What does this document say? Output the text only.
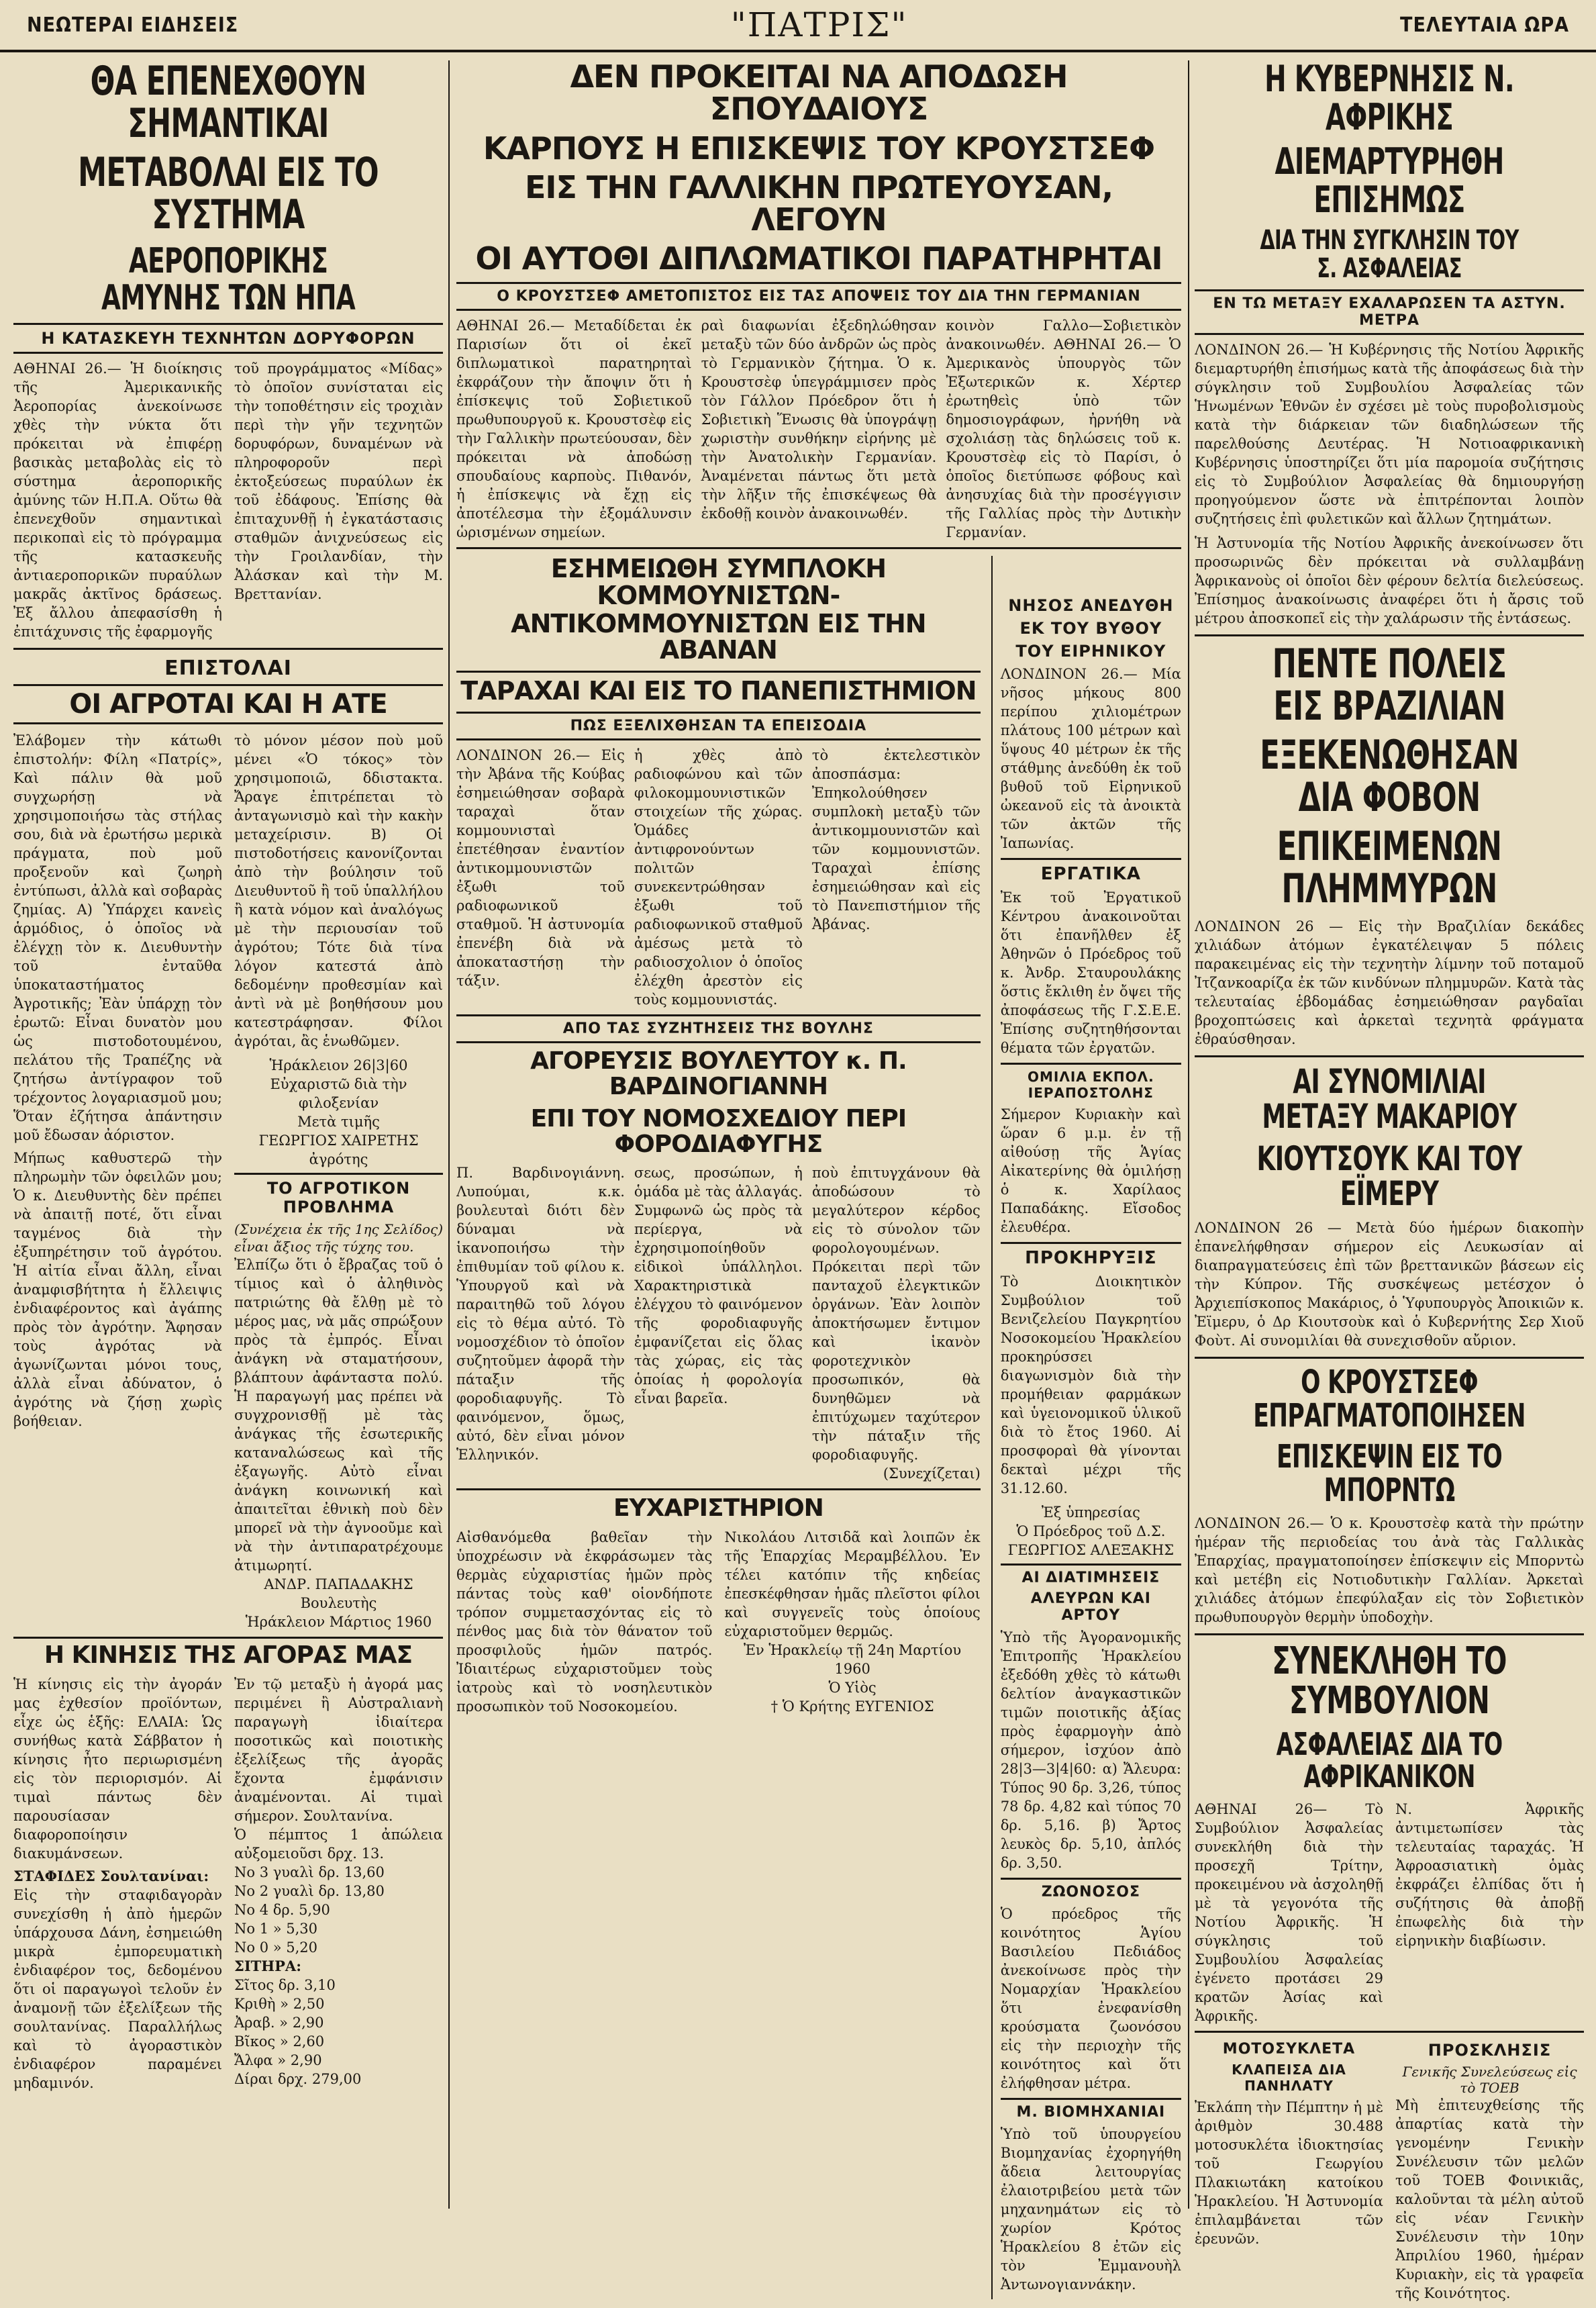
ΝΕΩΤΕΡΑΙ ΕΙΔΗΣΕΙΣ	"ΠΑΤΡΙΣ"	ΤΕΛΕΥΤΑΙΑ ΩΡΑ
ΘΑ ΕΠΕΝΕΧΘΟΥΝ ΣΗΜΑΝΤΙΚΑΙ
ΜΕΤΑΒΟΛΑΙ ΕΙΣ ΤΟ ΣΥΣΤΗΜΑ
ΑΕΡΟΠΟΡΙΚΗΣ ΑΜΥΝΗΣ ΤΩΝ ΗΠΑ
Η ΚΑΤΑΣΚΕΥΗ ΤΕΧΝΗΤΩΝ ΔΟΡΥΦΟΡΩΝ
ΑΘΗΝΑΙ 26.— Ἡ διοίκησις τῆς Ἀμερικανικῆς Ἀεροπορίας ἀνεκοίνωσε χθὲς τὴν νύκτα ὅτι πρόκειται νὰ ἐπιφέρῃ βασικὰς μεταβολὰς εἰς τὸ σύστημα ἀεροπορικῆς ἀμύνης τῶν Η.Π.Α. Οὕτω θὰ ἐπενεχθοῦν σημαντικαὶ περικοπαὶ εἰς τὸ πρόγραμμα τῆς κατασκευῆς ἀντιαεροπορικῶν πυραύλων μακρᾶς ἀκτῖνος δράσεως. Ἐξ ἄλλου ἀπεφασίσθη ἡ ἐπιτάχυνσις τῆς ἐφαρμογῆς
τοῦ προγράμματος «Μίδας» τὸ ὁποῖον συνίσταται εἰς τὴν τοποθέτησιν εἰς τροχιὰν περὶ τὴν γῆν τεχνητῶν δορυφόρων, δυναμένων νὰ πληροφοροῦν περὶ ἐκτοξεύσεως πυραύλων ἐκ τοῦ ἐδάφους. Ἐπίσης θὰ ἐπιταχυνθῇ ἡ ἐγκατάστασις σταθμῶν ἀνιχνεύσεως εἰς τὴν Γροιλανδίαν, τὴν Ἀλάσκαν καὶ τὴν Μ. Βρεττανίαν.
ΕΠΙΣΤΟΛΑΙ
ΟΙ ΑΓΡΟΤΑΙ ΚΑΙ Η ΑΤΕ
Ἐλάβομεν τὴν κάτωθι ἐπιστολήν: Φίλη «Πατρίς», Καὶ πάλιν θὰ μοῦ συγχωρήσῃ νὰ χρησιμοποιήσω τὰς στήλας σου, διὰ νὰ ἐρωτήσω μερικὰ πράγματα, ποὺ μοῦ προξενοῦν καὶ ζωηρὴ ἐντύπωσι, ἀλλὰ καὶ σοβαρὰς ζημίας. Α) Ὑπάρχει κανεὶς ἁρμόδιος, ὁ ὁποῖος νὰ ἐλέγχῃ τὸν κ. Διευθυντὴν τοῦ ἐνταῦθα ὑποκαταστήματος Ἀγροτικῆς; Ἐὰν ὑπάρχῃ τὸν ἐρωτῶ: Εἶναι δυνατὸν μου ὡς πιστοδοτουμένου, πελάτου τῆς Τραπέζης νὰ ζητήσω ἀντίγραφον τοῦ τρέχοντος λογαριασμοῦ μου; Ὅταν ἐζήτησα ἀπάντησιν μοῦ ἔδωσαν ἀόριστον.
Μήπως καθυστερῶ τὴν πληρωμὴν τῶν ὀφειλῶν μου; Ὁ κ. Διευθυντὴς δὲν πρέπει νὰ ἀπαιτῇ ποτέ, ὅτι εἶναι ταγμένος διὰ τὴν ἐξυπηρέτησιν τοῦ ἀγρότου. Ἡ αἰτία εἶναι ἄλλη, εἶναι ἀναμφισβήτητα ἡ ἔλλειψις ἐνδιαφέροντος καὶ ἀγάπης πρὸς τὸν ἀγρότην. Ἄφησαν τοὺς ἀγρότας νὰ ἀγωνίζωνται μόνοι τους, ἀλλὰ εἶναι ἀδύνατον, ὁ ἀγρότης νὰ ζήσῃ χωρὶς βοήθειαν.
τὸ μόνον μέσον ποὺ μοῦ μένει «Ὁ τόκος» τὸν χρησιμοποιῶ, δδιστακτα. Ἄραγε ἐπιτρέπεται τὸ ἀνταγωνισμὸ καὶ τὴν κακὴν μεταχείρισιν. Β) Οἱ πιστοδοτήσεις κανονίζονται ἀπὸ τὴν βούλησιν τοῦ Διευθυντοῦ ἢ τοῦ ὑπαλλήλου ἢ κατὰ νόμον καὶ ἀναλόγως μὲ τὴν περιουσίαν τοῦ ἀγρότου; Τότε διὰ τίνα λόγον κατεστά ἀπὸ δεδομένην προθεσμίαν καὶ ἀντὶ νὰ μὲ βοηθήσουν μου κατεστράφησαν. Φίλοι ἀγρόται, ἂς ἑνωθῶμεν.
Ἡράκλειον 26|3|60
Εὐχαριστῶ διὰ τὴν φιλοξενίαν
Μετὰ τιμῆς
ΓΕΩΡΓΙΟΣ ΧΑΙΡΕΤΗΣ
ἀγρότης
ΤΟ ΑΓΡΟΤΙΚΟΝ ΠΡΟΒΛΗΜΑ
(Συνέχεια ἐκ τῆς 1ης Σελίδος) εἶναι ἄξιος τῆς τύχης του.
Ἐλπίζω ὅτι ὁ ἔβραζας τοῦ ὁ τίμιος καὶ ὁ ἀληθινὸς πατριώτης θὰ ἔλθῃ μὲ τὸ μέρος μας, νὰ μᾶς σπρώξουν πρὸς τὰ ἐμπρός. Εἶναι ἀνάγκη νὰ σταματήσουν, βλάπτουν ἀφάνταστα πολύ. Ἡ παραγωγή μας πρέπει νὰ συγχρονισθῇ μὲ τὰς ἀνάγκας τῆς ἐσωτερικῆς καταναλώσεως καὶ τῆς ἐξαγωγῆς. Αὐτὸ εἶναι ἀνάγκη κοινωνική καὶ ἀπαιτεῖται ἐθνικὴ ποὺ δὲν μπορεῖ νὰ τὴν ἀγνοοῦμε καὶ νὰ τὴν ἀντιπαρατρέχουμε ἀτιμωρητί.
ΑΝΔΡ. ΠΑΠΑΔΑΚΗΣ
Βουλευτὴς
Ἡράκλειον Μάρτιος 1960
Η ΚΙΝΗΣΙΣ ΤΗΣ ΑΓΟΡΑΣ ΜΑΣ
Ἡ κίνησις εἰς τὴν ἀγοράν μας ἐχθεσίον προϊόντων, εἶχε ὡς ἑξῆς: ΕΛΑΙΑ: Ὡς συνήθως κατὰ Σάββατον ἡ κίνησις ἦτο περιωρισμένη εἰς τὸν περιορισμόν. Αἱ τιμαὶ πάντως δὲν παρουσίασαν διαφοροποίησιν διακυμάνσεων.
ΣΤΑΦΙΔΕΣ Σουλτανίναι:
Εἰς τὴν σταφιδαγορὰν συνεχίσθη ἡ ἀπὸ ἡμερῶν ὑπάρχουσα Δάνη, ἐσημειώθη μικρὰ ἐμπορευματικὴ ἐνδιαφέρον τος, δεδομένου ὅτι οἱ παραγωγοὶ τελοῦν ἐν ἀναμονῇ τῶν ἐξελίξεων τῆς σουλτανίνας. Παραλλήλως καὶ τὸ ἀγοραστικὸν ἐνδιαφέρον παραμένει μηδαμινόν.
Ἐν τῷ μεταξὺ ἡ ἀγορά μας περιμένει ἢ Αὐστραλιανὴ παραγωγὴ ἰδιαίτερα ποσοτικῶς καὶ ποιοτικὴς ἐξελίξεως τῆς ἀγορᾶς ἔχοντα ἐμφάνισιν ἀναμένονται. Αἱ τιμαὶ σήμερον. Σουλτανίνα.
Ὁ πέμπτος 1 ἀπώλεια αὐξομειοῦσι δρχ. 13.
Νο 3 γυαλὶ δρ. 13,60
Νο 2 γυαλὶ δρ. 13,80
Νο 4 δρ. 5,90
Νο 1 » 5,30
Νο 0 » 5,20
ΣΙΤΗΡΑ:
Σῖτος δρ. 3,10
Κριθὴ » 2,50
Ἀραβ. » 2,90
Βῖκος » 2,60
Ἄλφα » 2,90
Δίραι δρχ. 279,00
ΔΕΝ ΠΡΟΚΕΙΤΑΙ ΝΑ ΑΠΟΔΩΣΗ ΣΠΟΥΔΑΙΟΥΣ
ΚΑΡΠΟΥΣ Η ΕΠΙΣΚΕΨΙΣ ΤΟΥ ΚΡΟΥΣΤΣΕΦ
ΕΙΣ ΤΗΝ ΓΑΛΛΙΚΗΝ ΠΡΩΤΕΥΟΥΣΑΝ, ΛΕΓΟΥΝ
ΟΙ ΑΥΤΟΘΙ ΔΙΠΛΩΜΑΤΙΚΟΙ ΠΑΡΑΤΗΡΗΤΑΙ
Ο ΚΡΟΥΣΤΣΕΦ ΑΜΕΤΟΠΙΣΤΟΣ ΕΙΣ ΤΑΣ ΑΠΟΨΕΙΣ ΤΟΥ ΔΙΑ ΤΗΝ ΓΕΡΜΑΝΙΑΝ
ΑΘΗΝΑΙ 26.— Μεταδίδεται ἐκ Παρισίων ὅτι οἱ ἐκεῖ διπλωματικοὶ παρατηρηταὶ ἐκφράζουν τὴν ἄποψιν ὅτι ἡ ἐπίσκεψις τοῦ Σοβιετικοῦ πρωθυπουργοῦ κ. Κρουστσὲφ εἰς τὴν Γαλλικὴν πρωτεύουσαν, δὲν πρόκειται νὰ ἀποδώσῃ σπουδαίους καρποὺς. Πιθανόν, ἡ ἐπίσκεψις νὰ ἔχῃ εἰς ἀποτέλεσμα τὴν ἐξομάλυνσιν ὡρισμένων σημείων.
ραὶ διαφωνίαι ἐξεδηλώθησαν μεταξὺ τῶν δύο ἀνδρῶν ὡς πρὸς τὸ Γερμανικὸν ζήτημα. Ὁ κ. Κρουστσὲφ ὑπεγράμμισεν πρὸς τὸν Γάλλον Πρόεδρον ὅτι ἡ Σοβιετικὴ Ἕνωσις θὰ ὑπογράψῃ χωριστὴν συνθήκην εἰρήνης μὲ τὴν Ἀνατολικὴν Γερμανίαν. Ἀναμένεται πάντως ὅτι μετὰ τὴν λῆξιν τῆς ἐπισκέψεως θὰ ἐκδοθῇ κοινὸν ἀνακοινωθέν.
κοινὸν Γαλλο—Σοβιετικὸν ἀνακοινωθέν. ΑΘΗΝΑΙ 26.— Ὁ Ἀμερικανὸς ὑπουργὸς τῶν Ἐξωτερικῶν κ. Χέρτερ ἐρωτηθεὶς ὑπὸ τῶν δημοσιογράφων, ἠρνήθη νὰ σχολιάσῃ τὰς δηλώσεις τοῦ κ. Κρουστσὲφ εἰς τὸ Παρίσι, ὁ ὁποῖος διετύπωσε φόβους καὶ ἀνησυχίας διὰ τὴν προσέγγισιν τῆς Γαλλίας πρὸς τὴν Δυτικὴν Γερμανίαν.
ΕΣΗΜΕΙΩΘΗ ΣΥΜΠΛΟΚΗ ΚΟΜΜΟΥΝΙΣΤΩΝ-
ΑΝΤΙΚΟΜΜΟΥΝΙΣΤΩΝ ΕΙΣ ΤΗΝ ΑΒΑΝΑΝ
ΤΑΡΑΧΑΙ ΚΑΙ ΕΙΣ ΤΟ ΠΑΝΕΠΙΣΤΗΜΙΟΝ
ΠΩΣ ΕΞΕΛΙΧΘΗΣΑΝ ΤΑ ΕΠΕΙΣΟΔΙΑ
ΛΟΝΔΙΝΟΝ 26.— Εἰς τὴν Ἀβάνα τῆς Κούβας ἐσημειώθησαν σοβαρὰ ταραχαὶ ὅταν κομμουνισταὶ ἐπετέθησαν ἐναντίον ἀντικομμουνιστῶν ἐξωθι τοῦ ραδιοφωνικοῦ σταθμοῦ. Ἡ ἀστυνομία ἐπενέβη διὰ νὰ ἀποκαταστήσῃ τὴν τάξιν.
ἡ χθὲς ἀπὸ ραδιοφώνου καὶ τῶν φιλοκομμουνιστικῶν στοιχείων τῆς χώρας. Ὁμάδες ἀντιφρονούντων πολιτῶν συνεκεντρώθησαν ἐξωθι τοῦ ραδιοφωνικοῦ σταθμοῦ ἀμέσως μετὰ τὸ ραδιοσχολιον ὁ ὁποῖος ἐλέχθη ἀρεστὸν εἰς τοὺς κομμουνιστάς.
τὸ ἐκτελεστικὸν ἀποσπάσμα: Ἐπηκολούθησεν συμπλοκὴ μεταξὺ τῶν ἀντικομμουνιστῶν καὶ τῶν κομμουνιστῶν. Ταραχαὶ ἐπίσης ἐσημειώθησαν καὶ εἰς τὸ Πανεπιστήμιον τῆς Ἀβάνας.
ΑΠΟ ΤΑΣ ΣΥΖΗΤΗΣΕΙΣ ΤΗΣ ΒΟΥΛΗΣ
ΑΓΟΡΕΥΣΙΣ ΒΟΥΛΕΥΤΟΥ κ. Π. ΒΑΡΔΙΝΟΓΙΑΝΝΗ
ΕΠΙ ΤΟΥ ΝΟΜΟΣΧΕΔΙΟΥ ΠΕΡΙ ΦΟΡΟΔΙΑΦΥΓΗΣ
Π. Βαρδινογιάννη. Λυπούμαι, κ.κ. βουλευταὶ διότι δὲν δύναμαι νὰ ἱκανοποιήσω τὴν ἐπιθυμίαν τοῦ φίλου κ. Ὑπουργοῦ καὶ νὰ παραιτηθῶ τοῦ λόγου εἰς τὸ θέμα αὐτό. Τὸ νομοσχέδιον τὸ ὁποῖον συζητοῦμεν ἀφορᾶ τὴν πάταξιν τῆς φοροδιαφυγῆς. Τὸ φαινόμενον, ὅμως, αὐτό, δὲν εἶναι μόνον Ἑλληνικόν.
σεως, προσώπων, ἡ ὁμάδα μὲ τὰς ἀλλαγάς. Συμφωνῶ ὡς πρὸς τὰ περίεργα, νὰ ἐχρησιμοποίηθοῦν εἰδικοὶ ὑπάλληλοι. Χαρακτηριστικὰ ἐλέγχου τὸ φαινόμενον τῆς φοροδιαφυγῆς ἐμφανίζεται εἰς ὅλας τὰς χώρας, εἰς τὰς ὁποίας ἡ φορολογία εἶναι βαρεῖα.
ποὺ ἐπιτυγχάνουν θὰ ἀποδώσουν τὸ μεγαλύτερον κέρδος εἰς τὸ σύνολον τῶν φορολογουμένων. Πρόκειται περὶ τῶν πανταχοῦ ἐλεγκτικῶν ὀργάνων. Ἐὰν λοιπὸν ἀποκτήσωμεν ἔντιμον καὶ ἱκανὸν φοροτεχνικὸν προσωπικόν, θὰ δυνηθῶμεν νὰ ἐπιτύχωμεν ταχύτερον τὴν πάταξιν τῆς φοροδιαφυγῆς.
(Συνεχίζεται)
ΕΥΧΑΡΙΣΤΗΡΙΟΝ
Αἰσθανόμεθα βαθεῖαν τὴν ὑποχρέωσιν νὰ ἐκφράσωμεν τὰς θερμὰς εὐχαριστίας ἡμῶν πρὸς πάντας τοὺς καθ' οἱονδήποτε τρόπον συμμετασχόντας εἰς τὸ πένθος μας διὰ τὸν θάνατον τοῦ προσφιλοῦς ἡμῶν πατρός. Ἰδιαιτέρως εὐχαριστοῦμεν τοὺς ἰατροὺς καὶ τὸ νοσηλευτικὸν προσωπικὸν τοῦ Νοσοκομείου.
Νικολάου Λιτσιδᾶ καὶ λοιπῶν ἐκ τῆς Ἐπαρχίας Μεραμβέλλου. Ἐν τέλει κατόπιν τῆς κηδείας ἐπεσκέφθησαν ἡμᾶς πλεῖστοι φίλοι καὶ συγγενεῖς τοὺς ὁποίους εὐχαριστοῦμεν θερμῶς.
Ἐν Ἡρακλείῳ τῇ 24η Μαρτίου 1960
Ὁ Υἱὸς
† Ὁ Κρήτης ΕΥΓΕΝΙΟΣ
ΝΗΣΟΣ ΑΝΕΔΥΘΗ
ΕΚ ΤΟΥ ΒΥΘΟΥ
ΤΟΥ ΕΙΡΗΝΙΚΟΥ
ΛΟΝΔΙΝΟΝ 26.— Μία νῆσος μήκους 800 περίπου χιλιομέτρων πλάτους 100 μέτρων καὶ ὕψους 40 μέτρων ἐκ τῆς στάθμης ἀνεδύθη ἐκ τοῦ βυθοῦ τοῦ Εἰρηνικοῦ ὠκεανοῦ εἰς τὰ ἀνοικτὰ τῶν ἀκτῶν τῆς Ἰαπωνίας.
ΕΡΓΑΤΙΚΑ
Ἐκ τοῦ Ἐργατικοῦ Κέντρου ἀνακοινοῦται ὅτι ἐπανῆλθεν ἐξ Ἀθηνῶν ὁ Πρόεδρος τοῦ κ. Ἀνδρ. Σταυρουλάκης ὅστις ἔκλιθη ἐν ὄψει τῆς ἀποφάσεως τῆς Γ.Σ.Ε.Ε. Ἐπίσης συζητηθήσονται θέματα τῶν ἐργατῶν.
ΟΜΙΛΙΑ ΕΚΠΟΛ. ΙΕΡΑΠΟΣΤΟΛΗΣ
Σήμερον Κυριακὴν καὶ ὥραν 6 μ.μ. ἐν τῇ αἰθούσῃ τῆς Ἁγίας Αἰκατερίνης θὰ ὁμιλήσῃ ὁ κ. Χαρίλαος Παπαδάκης. Εἴσοδος ἐλευθέρα.
ΠΡΟΚΗΡΥΞΙΣ
Τὸ Διοικητικὸν Συμβούλιον τοῦ Βενιζελείου Παγκρητίου Νοσοκομείου Ἡρακλείου προκηρύσσει διαγωνισμὸν διὰ τὴν προμήθειαν φαρμάκων καὶ ὑγειονομικοῦ ὑλικοῦ διὰ τὸ ἔτος 1960. Αἱ προσφοραὶ θὰ γίνονται δεκταὶ μέχρι τῆς 31.12.60.
Ἐξ ὑπηρεσίας
Ὁ Πρόεδρος τοῦ Δ.Σ.
ΓΕΩΡΓΙΟΣ ΑΛΕΞΑΚΗΣ
ΑΙ ΔΙΑΤΙΜΗΣΕΙΣ
ΑΛΕΥΡΩΝ ΚΑΙ ΑΡΤΟΥ
Ὑπὸ τῆς Ἀγορανομικῆς Ἐπιτροπῆς Ἡρακλείου ἐξεδόθη χθὲς τὸ κάτωθι δελτίον ἀναγκαστικῶν τιμῶν ποιοτικῆς ἀξίας πρὸς ἐφαρμογὴν ἀπὸ σήμερον, ἰσχύον ἀπὸ 28|3—3|4|60: α) Ἄλευρα: Τύπος 90 δρ. 3,26, τύπος 78 δρ. 4,82 καὶ τύπος 70 δρ. 5,16. β) Ἄρτος λευκὸς δρ. 5,10, ἀπλός δρ. 3,50.
ΖΩΟΝΟΣΟΣ
Ὁ πρόεδρος τῆς κοινότητος Ἁγίου Βασιλείου Πεδιάδος ἀνεκοίνωσε πρὸς τὴν Νομαρχίαν Ἡρακλείου ὅτι ἐνεφανίσθη κρούσματα ζωονόσου εἰς τὴν περιοχὴν τῆς κοινότητος καὶ ὅτι ἐλήφθησαν μέτρα.
Μ. ΒΙΟΜΗΧΑΝΙΑΙ
Ὑπὸ τοῦ ὑπουργείου Βιομηχανίας ἐχορηγήθη ἄδεια λειτουργίας ἐλαιοτριβείου μετὰ τῶν μηχανημάτων εἰς τὸ χωρίον Κρότος Ἡρακλείου 8 ἐτῶν εἰς τὸν Ἐμμανουὴλ Ἀντωνογιαννάκην.
Η ΚΥΒΕΡΝΗΣΙΣ Ν. ΑΦΡΙΚΗΣ
ΔΙΕΜΑΡΤΥΡΗΘΗ ΕΠΙΣΗΜΩΣ
ΔΙΑ ΤΗΝ ΣΥΓΚΛΗΣΙΝ ΤΟΥ Σ. ΑΣΦΑΛΕΙΑΣ
ΕΝ ΤΩ ΜΕΤΑΞΥ ΕΧΑΛΑΡΩΣΕΝ ΤΑ ΑΣΤΥΝ. ΜΕΤΡΑ
ΛΟΝΔΙΝΟΝ 26.— Ἡ Κυβέρνησις τῆς Νοτίου Ἀφρικῆς διεμαρτυρήθη ἐπισήμως κατὰ τῆς ἀποφάσεως διὰ τὴν σύγκλησιν τοῦ Συμβουλίου Ἀσφαλείας τῶν Ἡνωμένων Ἐθνῶν ἐν σχέσει μὲ τοὺς πυροβολισμοὺς κατὰ τὴν διάρκειαν τῶν διαδηλώσεων τῆς παρελθούσης Δευτέρας. Ἡ Νοτιοαφρικανικὴ Κυβέρνησις ὑποστηρίζει ὅτι μία παρομοία συζήτησις εἰς τὸ Συμβούλιον Ἀσφαλείας θὰ δημιουργήσῃ προηγούμενον ὥστε νὰ ἐπιτρέπονται λοιπὸν συζητήσεις ἐπὶ φυλετικῶν καὶ ἄλλων ζητημάτων.
Ἡ Ἀστυνομία τῆς Νοτίου Ἀφρικῆς ἀνεκοίνωσεν ὅτι προσωρινῶς δὲν πρόκειται νὰ συλλαμβάνῃ Ἀφρικανοὺς οἱ ὁποῖοι δὲν φέρουν δελτία διελεύσεως. Ἐπίσημος ἀνακοίνωσις ἀναφέρει ὅτι ἡ ἄρσις τοῦ μέτρου ἀποσκοπεῖ εἰς τὴν χαλάρωσιν τῆς ἐντάσεως.
ΠΕΝΤΕ ΠΟΛΕΙΣ ΕΙΣ ΒΡΑΖΙΛΙΑΝ
ΕΞΕΚΕΝΩΘΗΣΑΝ ΔΙΑ ΦΟΒΟΝ
ΕΠΙΚΕΙΜΕΝΩΝ ΠΛΗΜΜΥΡΩΝ
ΛΟΝΔΙΝΟΝ 26 — Εἰς τὴν Βραζιλίαν δεκάδες χιλιάδων ἀτόμων ἐγκατέλειψαν 5 πόλεις παρακειμένας εἰς τὴν τεχνητὴν λίμνην τοῦ ποταμοῦ Ἰτζανκοαρίζα ἐκ τῶν κινδύνων πλημμυρῶν. Κατὰ τὰς τελευταίας ἑβδομάδας ἐσημειώθησαν ραγδαῖαι βροχοπτώσεις καὶ ἀρκεταὶ τεχνητὰ φράγματα ἐθραύσθησαν.
ΑΙ ΣΥΝΟΜΙΛΙΑΙ ΜΕΤΑΞΥ ΜΑΚΑΡΙΟΥ
ΚΙΟΥΤΣΟΥΚ ΚΑΙ ΤΟΥ ΕΪΜΕΡΥ
ΛΟΝΔΙΝΟΝ 26 — Μετὰ δύο ἡμέρων διακοπὴν ἐπανελήφθησαν σήμερον εἰς Λευκωσίαν αἱ διαπραγματεύσεις ἐπὶ τῶν βρεττανικῶν βάσεων εἰς τὴν Κύπρον. Τῆς συσκέψεως μετέσχον ὁ Ἀρχιεπίσκοπος Μακάριος, ὁ Ὑφυπουργὸς Ἀποικιῶν κ. Ἐϊμερυ, ὁ Δρ Κιουτσοὺκ καὶ ὁ Κυβερνήτης Σερ Χιοῦ Φοὺτ. Αἱ συνομιλίαι θὰ συνεχισθοῦν αὔριον.
Ο ΚΡΟΥΣΤΣΕΦ ΕΠΡΑΓΜΑΤΟΠΟΙΗΣΕΝ
ΕΠΙΣΚΕΨΙΝ ΕΙΣ ΤΟ ΜΠΟΡΝΤΩ
ΛΟΝΔΙΝΟΝ 26.— Ὁ κ. Κρουστσὲφ κατὰ τὴν πρώτην ἡμέραν τῆς περιοδείας του ἀνὰ τὰς Γαλλικὰς Ἐπαρχίας, πραγματοποίησεν ἐπίσκεψιν εἰς Μπορντὼ καὶ μετέβη εἰς Νοτιοδυτικὴν Γαλλίαν. Ἀρκεταὶ χιλιάδες ἀτόμων ἐπεφύλαξαν εἰς τὸν Σοβιετικὸν πρωθυπουργὸν θερμὴν ὑποδοχὴν.
ΣΥΝΕΚΛΗΘΗ ΤΟ ΣΥΜΒΟΥΛΙΟΝ
ΑΣΦΑΛΕΙΑΣ ΔΙΑ ΤΟ ΑΦΡΙΚΑΝΙΚΟΝ
ΑΘΗΝΑΙ 26— Τὸ Συμβούλιον Ἀσφαλείας συνεκλήθη διὰ τὴν προσεχῆ Τρίτην, προκειμένου νὰ ἀσχοληθῇ μὲ τὰ γεγονότα τῆς Νοτίου Ἀφρικῆς. Ἡ σύγκλησις τοῦ Συμβουλίου Ἀσφαλείας ἐγένετο προτάσει 29 κρατῶν Ἀσίας καὶ Ἀφρικῆς.
Ν. Ἀφρικῆς ἀντιμετωπίσεν τὰς τελευταίας ταραχάς. Ἡ Ἀφροασιατικὴ ὁμὰς ἐκφράζει ἐλπίδας ὅτι ἡ συζήτησις θὰ ἀποβῇ ἐπωφελὴς διὰ τὴν εἰρηνικὴν διαβίωσιν.
ΜΟΤΟΣΥΚΛΕΤΑ
ΚΛΑΠΕΙΣΑ ΔΙΑ ΠΑΝΗΛΑΤΥ
Ἐκλάπη τὴν Πέμπτην ἡ μὲ ἀριθμὸν 30.488 μοτοσυκλέτα ἰδιοκτησίας τοῦ Γεωργίου Πλακιωτάκη κατοίκου Ἡρακλείου. Ἡ Ἀστυνομία ἐπιλαμβάνεται τῶν ἐρευνῶν.
ΠΡΟΣΚΛΗΣΙΣ
Γενικῆς Συνελεύσεως εἰς τὸ ΤΟΕΒ
Μὴ ἐπιτευχθείσης τῆς ἀπαρτίας κατὰ τὴν γενομένην Γενικὴν Συνέλευσιν τῶν μελῶν τοῦ ΤΟΕΒ Φοινικιᾶς, καλοῦνται τὰ μέλη αὐτοῦ εἰς νέαν Γενικὴν Συνέλευσιν τὴν 10ην Ἀπριλίου 1960, ἡμέραν Κυριακὴν, εἰς τὰ γραφεῖα τῆς Κοινότητος.
